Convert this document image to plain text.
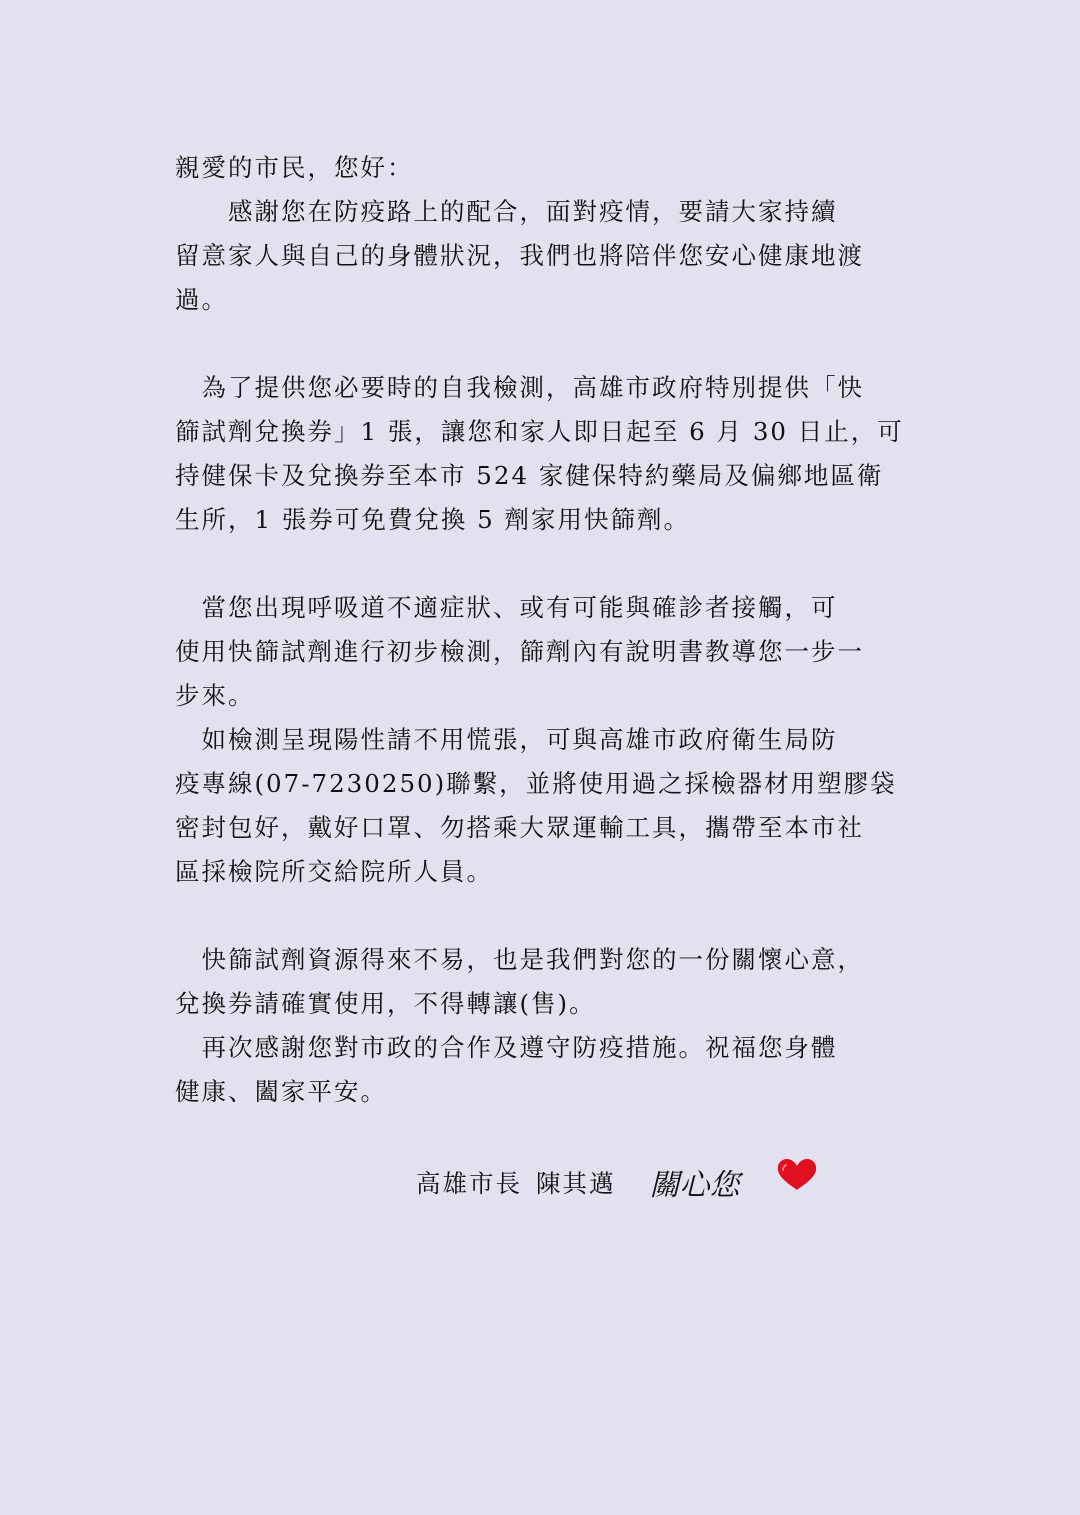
親愛的市民，您好：
　　感謝您在防疫路上的配合，面對疫情，要請大家持續
留意家人與自己的身體狀況，我們也將陪伴您安心健康地渡
過。
　為了提供您必要時的自我檢測，高雄市政府特別提供「快
篩試劑兌換券」1 張，讓您和家人即日起至 6 月 30 日止，可
持健保卡及兌換券至本市 524 家健保特約藥局及偏鄉地區衛
生所，1 張券可免費兌換 5 劑家用快篩劑。
　當您出現呼吸道不適症狀、或有可能與確診者接觸，可
使用快篩試劑進行初步檢測，篩劑內有說明書教導您一步一
步來。
　如檢測呈現陽性請不用慌張，可與高雄市政府衛生局防
疫專線(07-7230250)聯繫，並將使用過之採檢器材用塑膠袋
密封包好，戴好口罩、勿搭乘大眾運輸工具，攜帶至本市社
區採檢院所交給院所人員。
　快篩試劑資源得來不易，也是我們對您的一份關懷心意，
兌換券請確實使用，不得轉讓(售)。
　再次感謝您對市政的合作及遵守防疫措施。祝福您身體
健康、闔家平安。
高雄市長 陳其邁 關心您
